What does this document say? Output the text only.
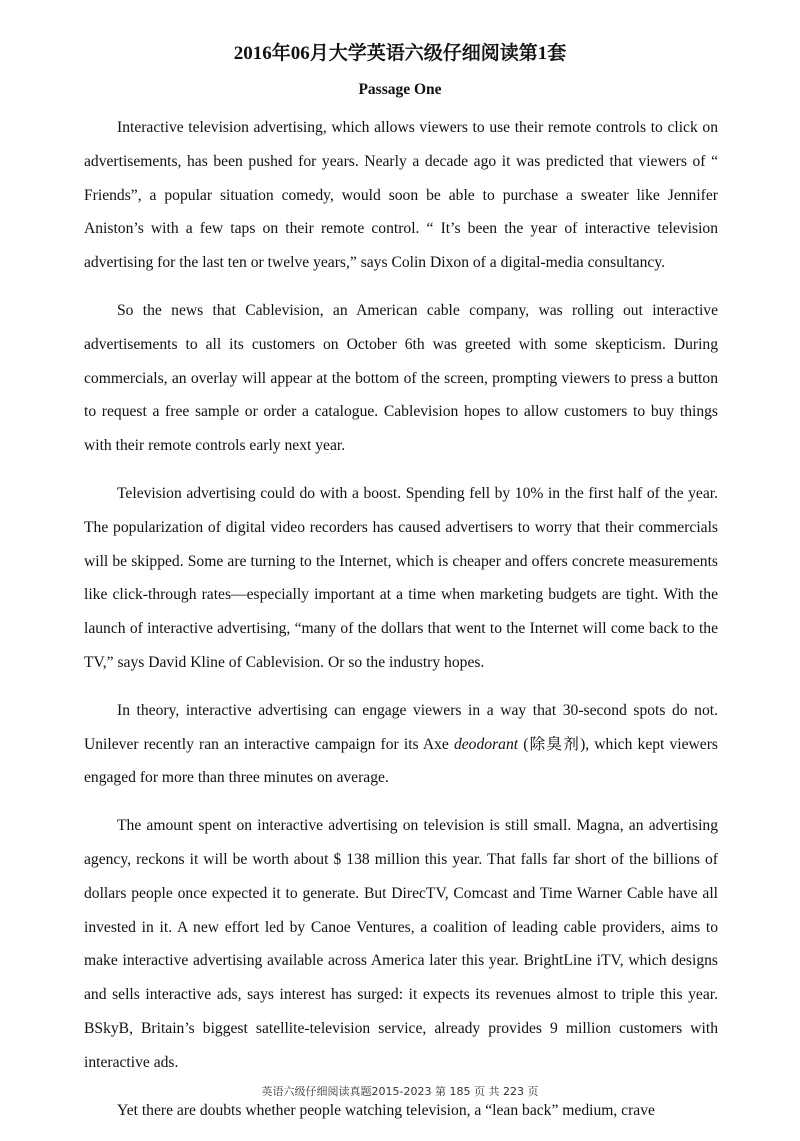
2016年06月大学英语六级仔细阅读第1套
Passage One

Interactive television advertising, which allows viewers to use their remote controls to click on advertisements, has been pushed for years. Nearly a decade ago it was predicted that viewers of “ Friends”, a popular situation comedy, would soon be able to purchase a sweater like Jennifer Aniston’s with a few taps on their remote control. “ It’s been the year of interactive television advertising for the last ten or twelve years,” says Colin Dixon of a digital-media consultancy.

So the news that Cablevision, an American cable company, was rolling out interactive advertisements to all its customers on October 6th was greeted with some skepticism. During commercials, an overlay will appear at the bottom of the screen, prompting viewers to press a button to request a free sample or order a catalogue. Cablevision hopes to allow customers to buy things with their remote controls early next year.

Television advertising could do with a boost. Spending fell by 10% in the first half of the year. The popularization of digital video recorders has caused advertisers to worry that their commercials will be skipped. Some are turning to the Internet, which is cheaper and offers concrete measurements like click-through rates—especially important at a time when marketing budgets are tight. With the launch of interactive advertising, “many of the dollars that went to the Internet will come back to the TV,” says David Kline of Cablevision. Or so the industry hopes.

In theory, interactive advertising can engage viewers in a way that 30-second spots do not. Unilever recently ran an interactive campaign for its Axe deodorant (除臭剂), which kept viewers engaged for more than three minutes on average.

The amount spent on interactive advertising on television is still small. Magna, an advertising agency, reckons it will be worth about $ 138 million this year. That falls far short of the billions of dollars people once expected it to generate. But DirecTV, Comcast and Time Warner Cable have all invested in it. A new effort led by Canoe Ventures, a coalition of leading cable providers, aims to make interactive advertising available across America later this year. BrightLine iTV, which designs and sells interactive ads, says interest has surged: it expects its revenues almost to triple this year. BSkyB, Britain’s biggest satellite-television service, already provides 9 million customers with interactive ads.

Yet there are doubts whether people watching television, a “lean back” medium, crave

英语六级仔细阅读真题2015-2023 第 185 页 共 223 页
